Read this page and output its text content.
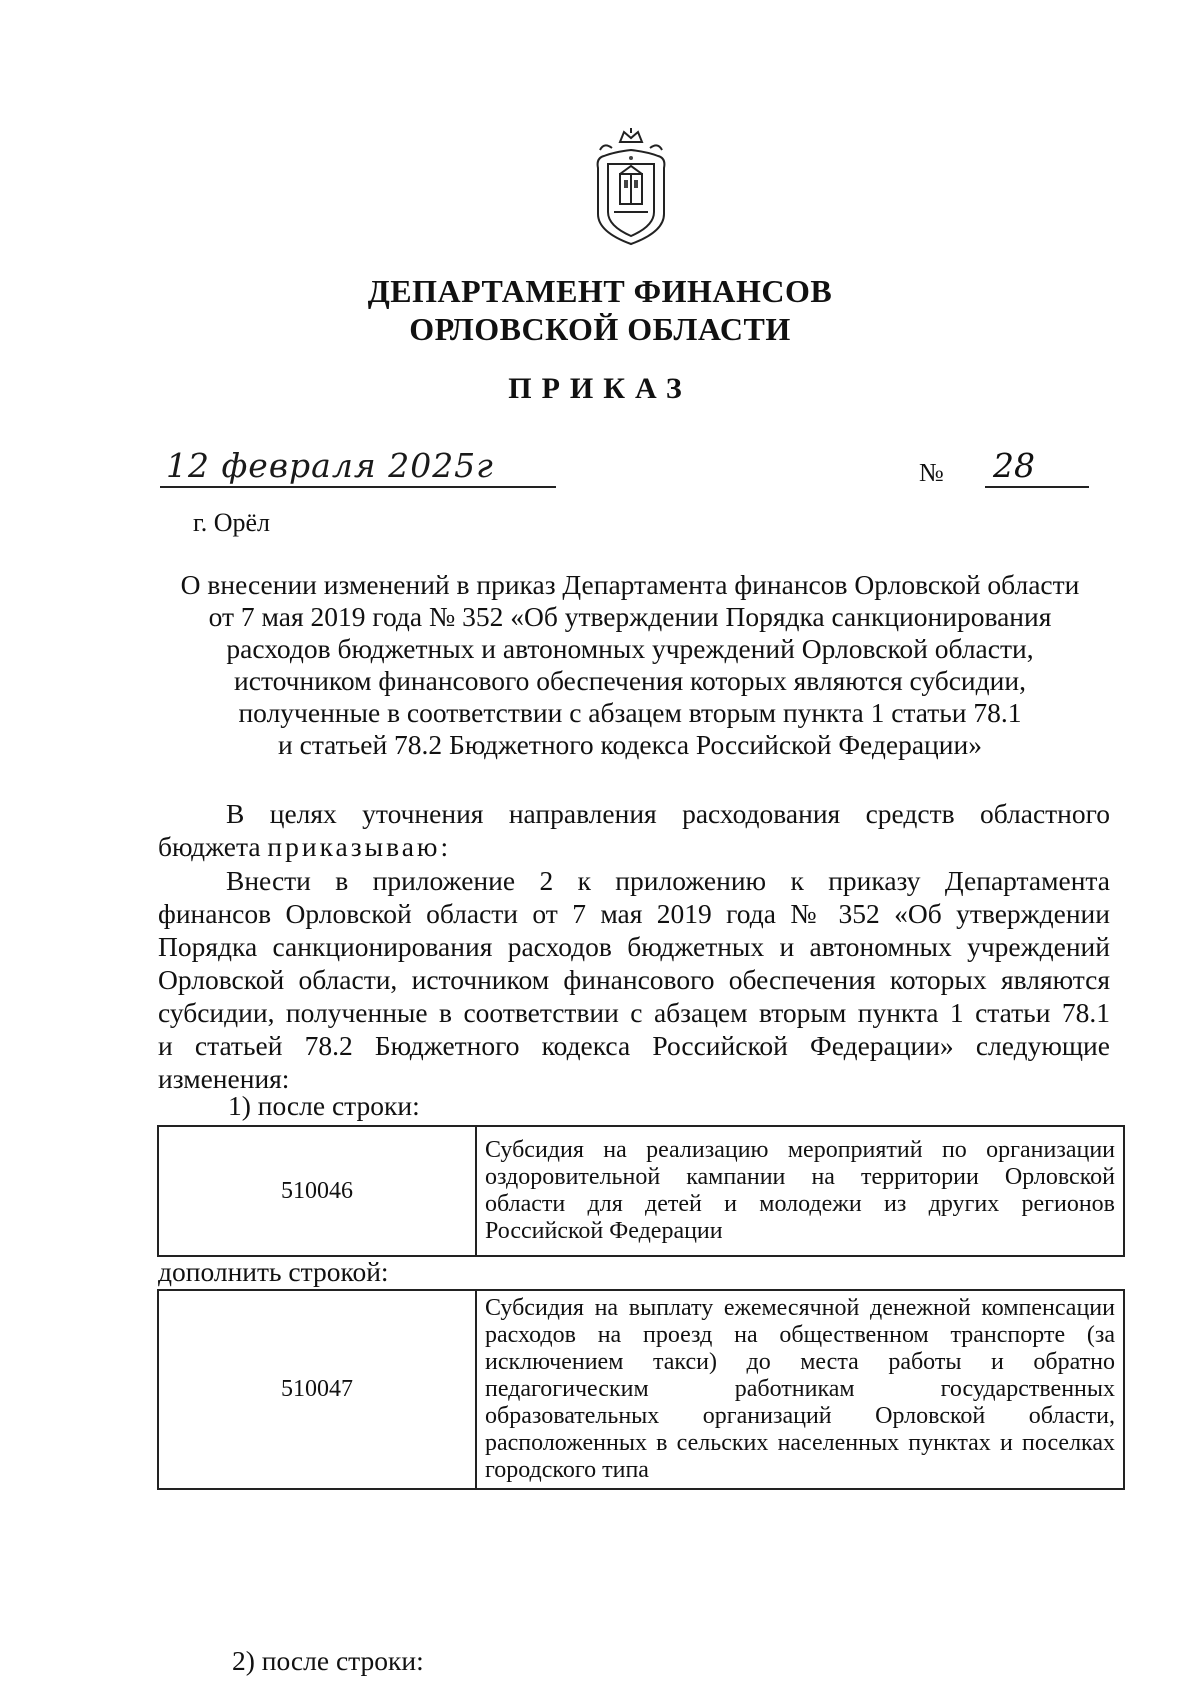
ДЕПАРТАМЕНТ ФИНАНСОВ
ОРЛОВСКОЙ ОБЛАСТИ
ПРИКАЗ
12 февраля 2025г	№ 28
г. Орёл
О внесении изменений в приказ Департамента финансов Орловской области
от 7 мая 2019 года № 352 «Об утверждении Порядка санкционирования
расходов бюджетных и автономных учреждений Орловской области,
источником финансового обеспечения которых являются субсидии,
полученные в соответствии с абзацем вторым пункта 1 статьи 78.1
и статьей 78.2 Бюджетного кодекса Российской Федерации»
В целях уточнения направления расходования средств областного
бюджета приказываю:
Внести в приложение 2 к приложению к приказу Департамента
финансов Орловской области от 7 мая 2019 года № 352 «Об утверждении
Порядка санкционирования расходов бюджетных и автономных учреждений
Орловской области, источником финансового обеспечения которых являются
субсидии, полученные в соответствии с абзацем вторым пункта 1 статьи 78.1
и статьей 78.2 Бюджетного кодекса Российской Федерации» следующие
изменения:
1) после строки:
510046	
Субсидия на реализацию мероприятий по организации
оздоровительной кампании на территории Орловской
области для детей и молодежи из других регионов
Российской Федерации
дополнить строкой:
510047	
Субсидия на выплату ежемесячной денежной компенсации
расходов на проезд на общественном транспорте (за
исключением такси) до места работы и обратно
педагогическим работникам государственных
образовательных организаций Орловской области,
расположенных в сельских населенных пунктах и поселках
городского типа
2) после строки:
